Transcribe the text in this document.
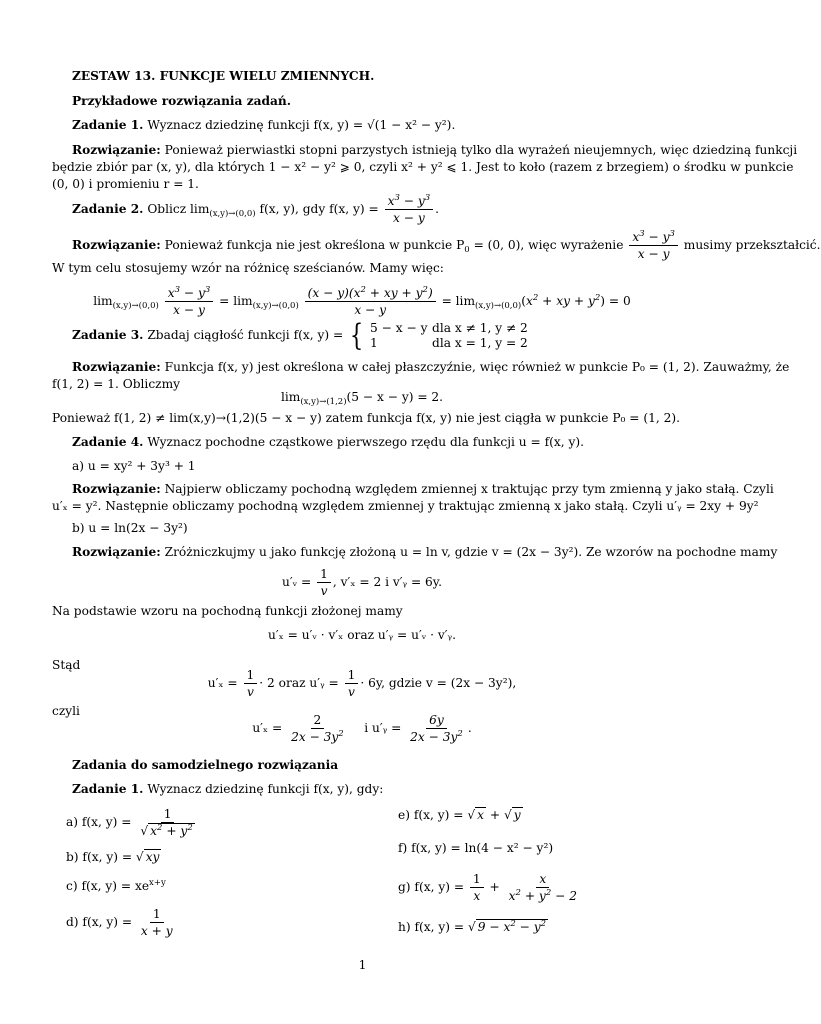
ZESTAW 13. FUNKCJE WIELU ZMIENNYCH.
Przykładowe rozwiązania zadań.
Zadanie 1. Wyznacz dziedzinę funkcji f(x, y) = √(1 − x² − y²).
Rozwiązanie: Ponieważ pierwiastki stopni parzystych istnieją tylko dla wyrażeń nieujemnych, więc dziedziną funkcji
będzie zbiór par (x, y), dla których 1 − x² − y² ⩾ 0, czyli x² + y² ⩽ 1. Jest to koło (razem z brzegiem) o środku w punkcie
(0, 0) i promieniu r = 1.
Zadanie 2. Oblicz $\lim_{(x,y)\to(0,0)} f(x$, y), gdy f(x, $y) = \frac{x^3 - y^3}{x - y}$ .
Rozwiązanie: Ponieważ funkcja nie jest określona w punkcie $P_0 = (0$, 0), więc wyrażenie $\frac{x^3 - y^3}{x - y}$ musimy przekształcić.
W tym celu stosujemy wzór na różnicę sześcianów. Mamy więc:
$\lim_{(x,y)\to(0,0)} \frac{x^3 - y^3}{x - y} = \lim_{(x,y)\to(0,0)} \frac{(x - y)(x^2 + xy + y^2)}{x - y} = \lim_{(x,y)\to(0,0)}(x^2$ + xy + $y^2) = 0$
Zadanie 3. Zbadaj ciągłość funkcji f(x, y) = { 5 − x − y dla x ≠ 1, y ≠ 2
1	dla x = 1, y = 2
Rozwiązanie: Funkcja f(x, y) jest określona w całej płaszczyźnie, więc również w punkcie P₀ = (1, 2). Zauważmy, że
f(1, 2) = 1. Obliczmy
$\lim_{(x,y)\to(1,2)}(5 - x - y) = 2$.
Ponieważ f(1, 2) ≠ lim(x,y)→(1,2)(5 − x − y) zatem funkcja f(x, y) nie jest ciągła w punkcie P₀ = (1, 2).
Zadanie 4. Wyznacz pochodne cząstkowe pierwszego rzędu dla funkcji u = f(x, y).
a) u = xy² + 3y³ + 1
Rozwiązanie: Najpierw obliczamy pochodną względem zmiennej x traktując przy tym zmienną y jako stałą. Czyli
u′ₓ = y². Następnie obliczamy pochodną względem zmiennej y traktując zmienną x jako stałą. Czyli u′ᵧ = 2xy + 9y²
b) u = ln(2x − 3y²)
Rozwiązanie: Zróżniczkujmy u jako funkcję złożoną u = ln v, gdzie v = (2x − 3y²). Ze wzorów na pochodne mamy
u′ᵥ = $\frac{1}{v}$ , v′ₓ = 2 i v′ᵧ = 6y.
Na podstawie wzoru na pochodną funkcji złożonej mamy
u′ₓ = u′ᵥ · v′ₓ oraz u′ᵧ = u′ᵥ · v′ᵧ.
Stąd
$u'_x = \frac{1}{v} \cdot 2$ oraz u′ᵧ = $\frac{1}{v} \cdot 6y$, gdzie v = (2x − 3y²),
czyli
$u'_x = \frac{2}{2x - 3y^2}$ i u′ᵧ = $\frac{6y}{2x - 3y^2}$ .
Zadania do samodzielnego rozwiązania
Zadanie 1. Wyznacz dziedzinę funkcji f(x, y), gdy:
a) f(x, $y) = \frac{1}{√ x^2 + y^2}$
b) f(x, y) = √ xy
c) f(x, $y) = xe^{x+y}$
d) f(x, $y) = \frac{1}{x + y}$
e) f(x, y) = √ x + √ y
f) f(x, y) = ln(4 − x² − y²)
g) f(x, $y) = \frac{1}{x} + \frac{x}{x^2 + y^2 - 2}$
h) f(x, y) = √ $9 - x^2 - y^2$
1
